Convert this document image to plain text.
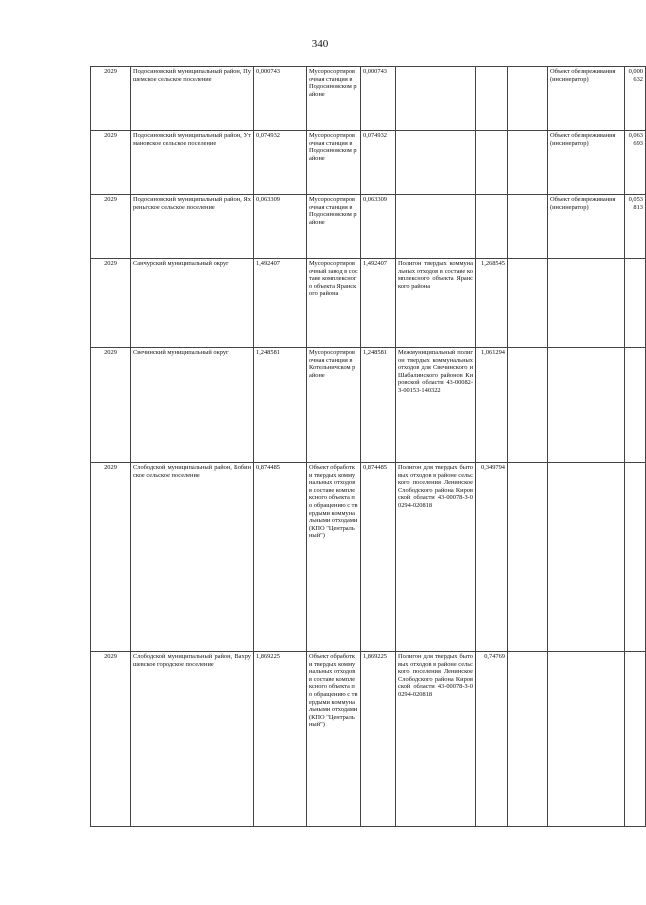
340
2029	Подосиновский муниципальный район, Пушемское сельское поселение	0,000743	Мусоросортировочная станция в Подосиновском районе	0,000743				Объект обезвреживания (инсинератор)	0,000632
2029	Подосиновский муниципальный район, Утмановское сельское поселение	0,074932	Мусоросортировочная станция в Подосиновском районе	0,074932				Объект обезвреживания (инсинератор)	0,063693
2029	Подосиновский муниципальный район, Яхреньгское сельское поселение	0,063309	Мусоросортировочная станция в Подосиновском районе	0,063309				Объект обезвреживания (инсинератор)	0,053813
2029	Санчурский муниципальный округ	1,492407	Мусоросортировочный завод в составе комплексного объекта Яранского района	1,492407	Полигон твердых коммунальных отходов в составе комплексного объекта Яранского района	1,268545			
2029	Свечинский муниципальный округ	1,248581	Мусоросортировочная станция в Котельничском районе	1,248581	Межмуниципальный полигон твердых коммунальных отходов для Свечинского и Шабалинского районов Кировской области 43-00082-З-00153-140322	1,061294			
2029	Слободской муниципальный район, Бобинское сельское поселение	0,874485	Объект обработки твердых коммунальных отходов в составе комплексного объекта по обращению с твердыми коммунальными отходами (КПО "Центральный")	0,874485	Полигон для твердых бытовых отходов в районе сельского поселения Ленинское Слободского района Кировской области 43-00078-З-00294-020818	0,349794			
2029	Слободской муниципальный район, Вахрушевское городское поселение	1,869225	Объект обработки твердых коммунальных отходов в составе комплексного объекта по обращению с твердыми коммунальными отходами (КПО "Центральный")	1,869225	Полигон для твердых бытовых отходов в районе сельского поселения Ленинское Слободского района Кировской области 43-00078-З-00294-020818	0,74769			
